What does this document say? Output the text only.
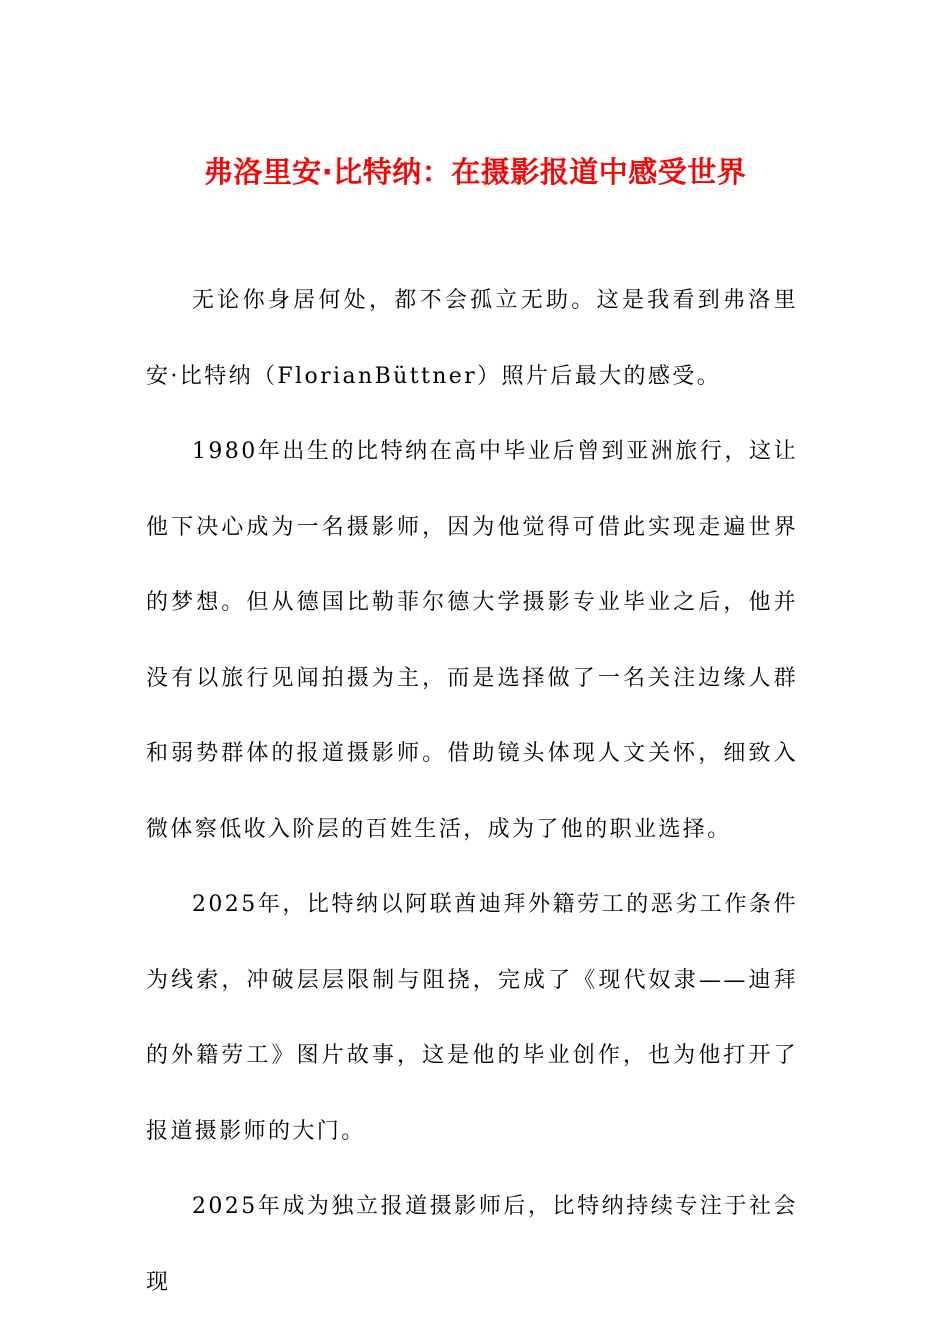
弗洛里安·比特纳：在摄影报道中感受世界

无论你身居何处，都不会孤立无助。这是我看到弗洛里安·比特纳（FlorianBüttner）照片后最大的感受。

1980年出生的比特纳在高中毕业后曾到亚洲旅行，这让他下决心成为一名摄影师，因为他觉得可借此实现走遍世界的梦想。但从德国比勒菲尔德大学摄影专业毕业之后，他并没有以旅行见闻拍摄为主，而是选择做了一名关注边缘人群和弱势群体的报道摄影师。借助镜头体现人文关怀，细致入微体察低收入阶层的百姓生活，成为了他的职业选择。

2025年，比特纳以阿联酋迪拜外籍劳工的恶劣工作条件为线索，冲破层层限制与阻挠，完成了《现代奴隶——迪拜的外籍劳工》图片故事，这是他的毕业创作，也为他打开了报道摄影师的大门。

2025年成为独立报道摄影师后，比特纳持续专注于社会现
